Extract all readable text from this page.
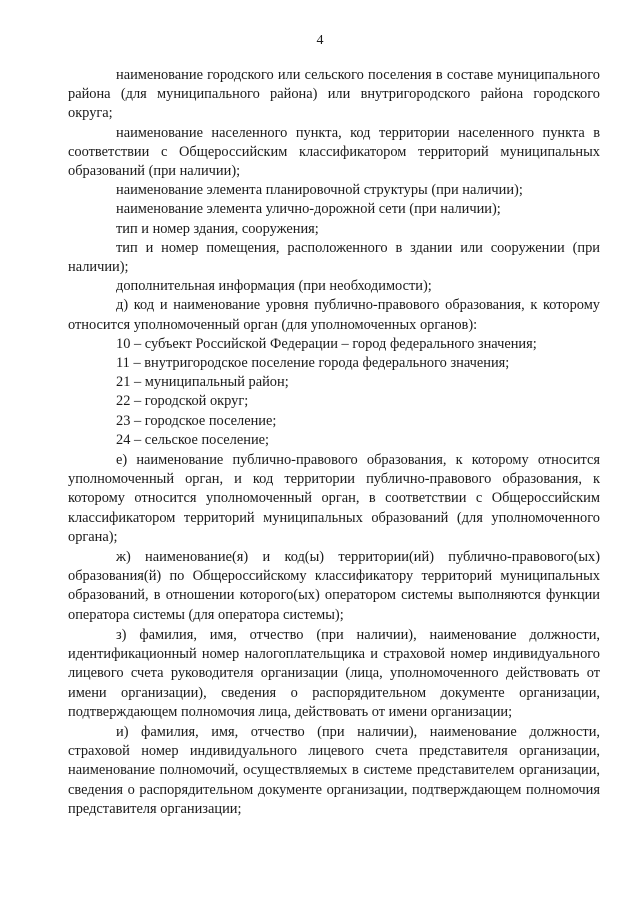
4

наименование городского или сельского поселения в составе муниципального района (для муниципального района) или внутригородского района городского округа;

наименование населенного пункта, код территории населенного пункта в соответствии с Общероссийским классификатором территорий муниципальных образований (при наличии);

наименование элемента планировочной структуры (при наличии);

наименование элемента улично-дорожной сети (при наличии);

тип и номер здания, сооружения;

тип и номер помещения, расположенного в здании или сооружении (при наличии);

дополнительная информация (при необходимости);

д) код и наименование уровня публично-правового образования, к которому относится уполномоченный орган (для уполномоченных органов):

10 – субъект Российской Федерации – город федерального значения;

11 – внутригородское поселение города федерального значения;

21 – муниципальный район;

22 – городской округ;

23 – городское поселение;

24 – сельское поселение;

е) наименование публично-правового образования, к которому относится уполномоченный орган, и код территории публично-правового образования, к которому относится уполномоченный орган, в соответствии с Общероссийским классификатором территорий муниципальных образований (для уполномоченного органа);

ж) наименование(я) и код(ы) территории(ий) публично-правового(ых) образования(й) по Общероссийскому классификатору территорий муниципальных образований, в отношении которого(ых) оператором системы выполняются функции оператора системы (для оператора системы);

з) фамилия, имя, отчество (при наличии), наименование должности, идентификационный номер налогоплательщика и страховой номер индивидуального лицевого счета руководителя организации (лица, уполномоченного действовать от имени организации), сведения о распорядительном документе организации, подтверждающем полномочия лица, действовать от имени организации;

и) фамилия, имя, отчество (при наличии), наименование должности, страховой номер индивидуального лицевого счета представителя организации, наименование полномочий, осуществляемых в системе представителем организации, сведения о распорядительном документе организации, подтверждающем полномочия представителя организации;
